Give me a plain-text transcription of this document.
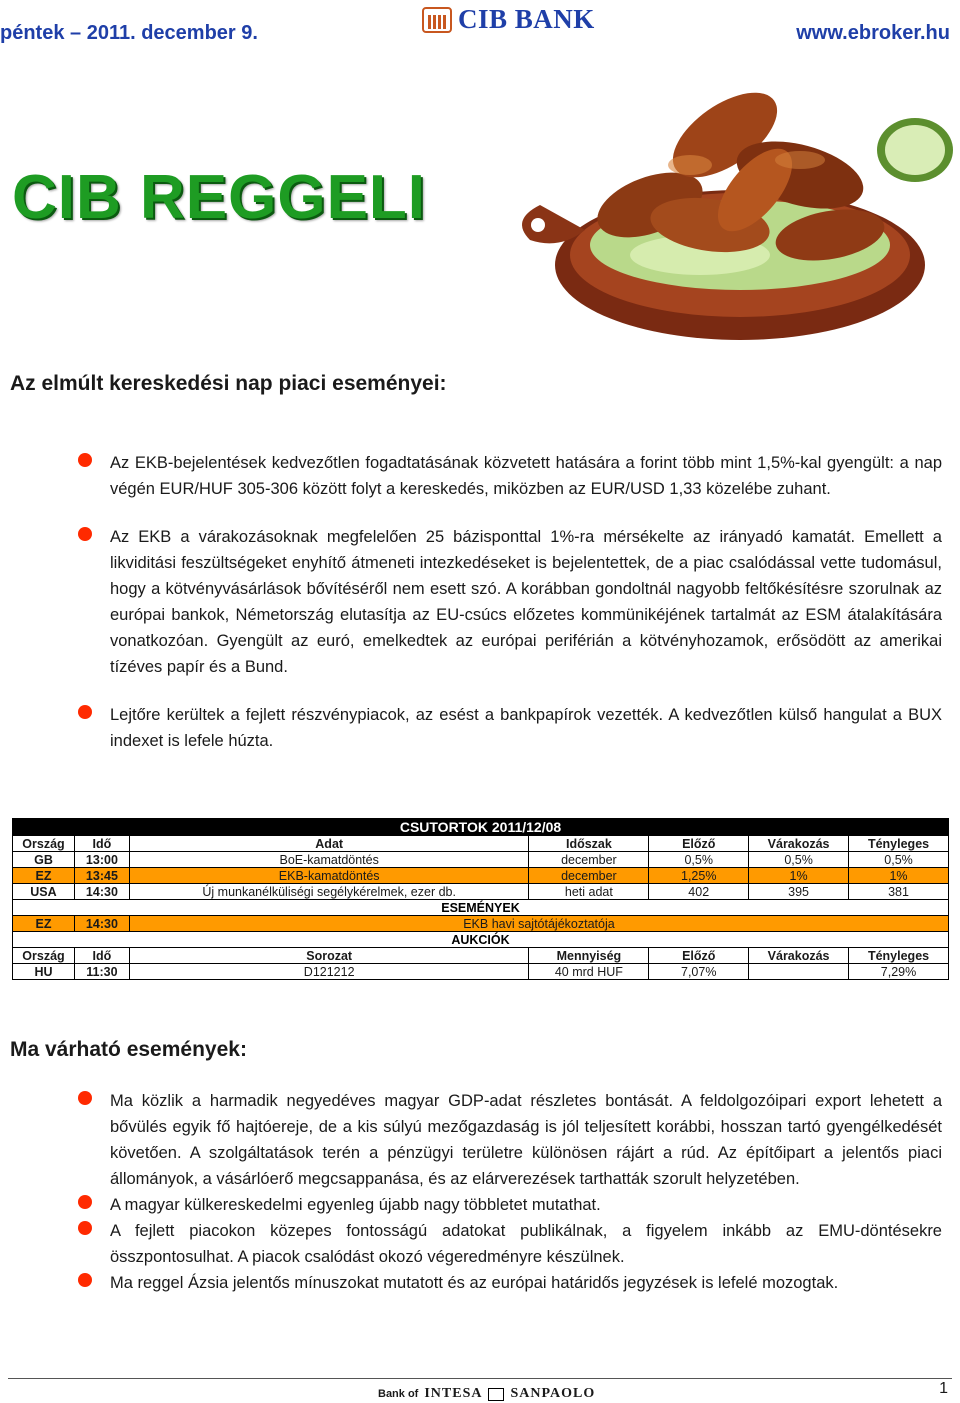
péntek – 2011. december 9.	CIB BANK	www.ebroker.hu
CIB REGGELI
Az elmúlt kereskedési nap piaci eseményei:
Az EKB-bejelentések kedvezőtlen fogadtatásának közvetett hatására a forint több mint 1,5%-kal gyengült: a nap végén EUR/HUF 305-306 között folyt a kereskedés, miközben az EUR/USD 1,33 közelébe zuhant.
Az EKB a várakozásoknak megfelelően 25 bázisponttal 1%-ra mérsékelte az irányadó kamatát. Emellett a likviditási feszültségeket enyhítő átmeneti intezkedéseket is bejelentettek, de a piac csalódással vette tudomásul, hogy a kötvényvásárlások bővítéséről nem esett szó. A korábban gondoltnál nagyobb feltőkésítésre szorulnak az európai bankok, Németország elutasítja az EU-csúcs előzetes kommünikéjének tartalmát az ESM átalakítására vonatkozóan. Gyengült az euró, emelkedtek az európai periférián a kötvényhozamok, erősödött az amerikai tízéves papír és a Bund.
Lejtőre kerültek a fejlett részvénypiacok, az esést a bankpapírok vezették. A kedvezőtlen külső hangulat a BUX indexet is lefele húzta.
CSUTORTOK 2011/12/08						
Ország	Idő	Adat	Időszak	Előző	Várakozás	Tényleges
GB	13:00	BoE-kamatdöntés	december	0,5%	0,5%	0,5%
EZ	13:45	EKB-kamatdöntés	december	1,25%	1%	1%
USA	14:30	Új munkanélküliségi segélykérelmek, ezer db.	heti adat	402	395	381
ESEMÉNYEK						
EZ	14:30	EKB havi sajtótájékoztatója				
AUKCIÓK						
Ország	Idő	Sorozat	Mennyiség	Előző	Várakozás	Tényleges
HU	11:30	D121212	40 mrd HUF	7,07%		7,29%
Ma várható események:
Ma közlik a harmadik negyedéves magyar GDP-adat részletes bontását. A feldolgozóipari export lehetett a bővülés egyik fő hajtóereje, de a kis súlyú mezőgazdaság is jól teljesített korábbi, hosszan tartó gyengélkedését követően. A szolgáltatások terén a pénzügyi területre különösen rájárt a rúd. Az építőipart a jelentős piaci állományok, a vásárlóerő megcsappanása, és az elárverezések tarthatták szorult helyzetében.
A magyar külkereskedelmi egyenleg újabb nagy többletet mutathat.
A fejlett piacokon közepes fontosságú adatokat publikálnak, a figyelem inkább az EMU-döntésekre összpontosulhat. A piacok csalódást okozó végeredményre készülnek.
Ma reggel Ázsia jelentős mínuszokat mutatott és az európai határidős jegyzések is lefelé mozogtak.
Bank of INTESA SANPAOLO	1
